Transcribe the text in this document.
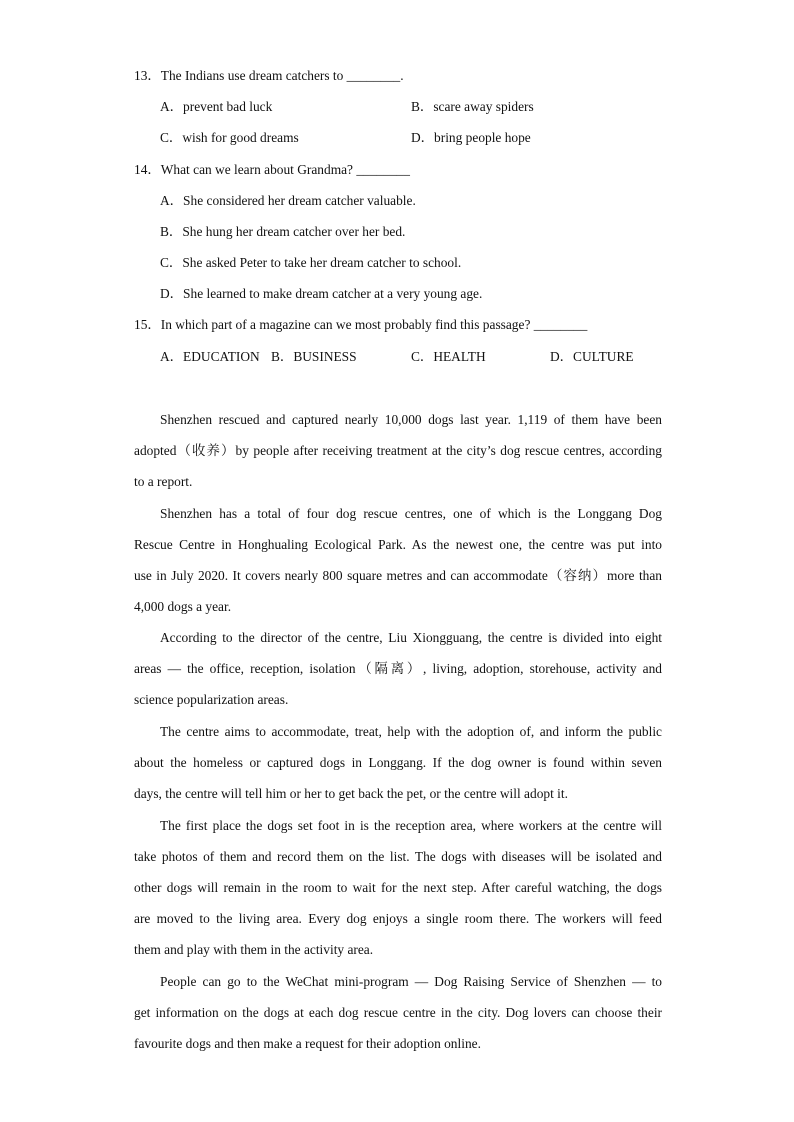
13．The Indians use dream catchers to ________.
A．prevent bad luck	B．scare away spiders
C．wish for good dreams	D．bring people hope
14．What can we learn about Grandma? ________
A．She considered her dream catcher valuable.
B．She hung her dream catcher over her bed.
C．She asked Peter to take her dream catcher to school.
D．She learned to make dream catcher at a very young age.
15．In which part of a magazine can we most probably find this passage? ________
A．EDUCATION B．BUSINESS	C．HEALTH	D．CULTURE
Shenzhen rescued and captured nearly 10,000 dogs last year. 1,119 of them have been
adopted（收养）by people after receiving treatment at the city’s dog rescue centres, according
to a report.
Shenzhen has a total of four dog rescue centres, one of which is the Longgang Dog
Rescue Centre in Honghualing Ecological Park. As the newest one, the centre was put into
use in July 2020. It covers nearly 800 square metres and can accommodate（容纳）more than
4,000 dogs a year.
According to the director of the centre, Liu Xiongguang, the centre is divided into eight
areas — the office, reception, isolation（隔离）, living, adoption, storehouse, activity and
science popularization areas.
The centre aims to accommodate, treat, help with the adoption of, and inform the public
about the homeless or captured dogs in Longgang. If the dog owner is found within seven
days, the centre will tell him or her to get back the pet, or the centre will adopt it.
The first place the dogs set foot in is the reception area, where workers at the centre will
take photos of them and record them on the list. The dogs with diseases will be isolated and
other dogs will remain in the room to wait for the next step. After careful watching, the dogs
are moved to the living area. Every dog enjoys a single room there. The workers will feed
them and play with them in the activity area.
People can go to the WeChat mini-program — Dog Raising Service of Shenzhen — to
get information on the dogs at each dog rescue centre in the city. Dog lovers can choose their
favourite dogs and then make a request for their adoption online.
